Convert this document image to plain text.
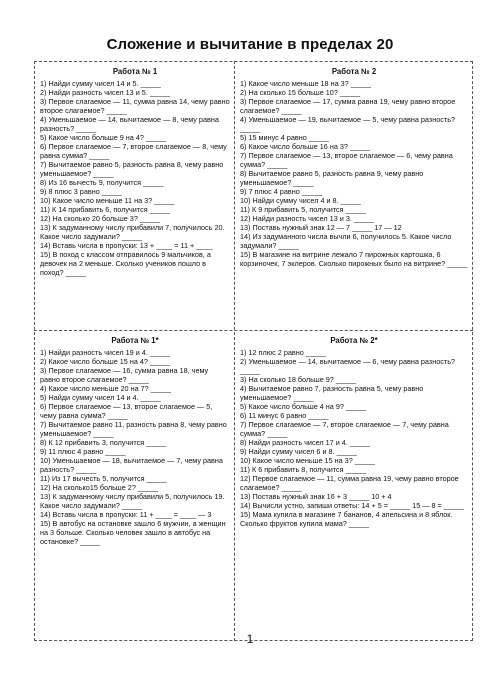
Сложение и вычитание в пределах 20
Работа № 1
1) Найди сумму чисел 14 и 5. _____
2) Найди разность чисел 13 и 5. _____
3) Первое слагаемое — 11, сумма равна 14, чему равно второе слагаемое? _____
4) Уменьшаемое — 14, вычитаемое — 8, чему равна разность? _____
5) Какое число больше 9 на 4? _____
6) Первое слагаемое — 7, второе слагаемое — 8, чему равна сумма? _____
7) Вычитаемое равно 5, разность равна 8, чему равно уменьшаемое? _____
8) Из 16 вычесть 9, получится _____
9) 8 плюс 3 равно _____
10) Какое число меньше 11 на 3? _____
11) К 14 прибавить 6, получится _____
12) На сколько 20 больше 3? _____
13) К задуманному числу прибавили 7, получилось 20. Какое число задумали? _____
14) Вставь числа в пропуски: 13 + ____ = 11 + ____
15) В поход с классом отправилось 9 мальчиков, а девочек на 2 меньше. Сколько учеников пошло в поход? _____
Работа № 2
1) Какое число меньше 18 на 3? _____
2) На сколько 15 больше 10? _____
3) Первое слагаемое — 17, сумма равна 19, чему равно второе слагаемое? _____
4) Уменьшаемое — 19, вычитаемое — 5, чему равна разность? _____
5) 15 минус 4 равно _____
6) Какое число больше 16 на 3? _____
7) Первое слагаемое — 13, второе слагаемое — 6, чему равна сумма? _____
8) Вычитаемое равно 5, разность равна 9, чему равно уменьшаемое? _____
9) 7 плюс 4 равно _____
10) Найди сумму чисел 4 и 8. _____
11) К 9 прибавить 5, получится _____
12) Найди разность чисел 13 и 3. _____
13) Поставь нужный знак 12 — 7 _____ 17 — 12
14) Из задуманного числа вычли 6, получилось 5. Какое число задумали? _____
15) В магазине на витрине лежало 7 пирожных картошка, 6 корзиночек, 7 эклеров. Сколько пирожных было на витрине? _____
Работа № 1*
1) Найди разность чисел 19 и 4. _____
2) Какое число больше 15 на 4? _____
3) Первое слагаемое — 16, сумма равна 18, чему равно второе слагаемое? _____
4) Какое число меньше 20 на 7? _____
5) Найди сумму чисел 14 и 4. _____
6) Первое слагаемое — 13, второе слагаемое — 5, чему равна сумма? _____
7) Вычитаемое равно 11, разность равна 8, чему равно уменьшаемое? _____
8) К 12 прибавить 3, получится _____
9) 11 плюс 4 равно _____
10) Уменьшаемое — 18, вычитаемое — 7, чему равна разность? _____
11) Из 17 вычесть 5, получится _____
12) На сколько15 больше 2? _____
13) К задуманному числу прибавили 5, получилось 19. Какое число задумали? _____
14) Вставь числа в пропуски: 11 + ____ = ____ — 3
15) В автобус на остановке зашло 6 мужчин, а женщин на 3 больше. Сколько человек зашло в автобус на остановке? _____
Работа № 2*
1) 12 плюс 2 равно _____
2) Уменьшаемое — 14, вычитаемое — 6, чему равна разность? _____
3) На сколько 18 больше 9? _____
4) Вычитаемое равно 7, разность равна 5, чему равно уменьшаемое? _____
5) Какое число больше 4 на 9? _____
6) 11 минус 6 равно _____
7) Первое слагаемое — 7, второе слагаемое — 7, чему равна сумма? _____
8) Найди разность чисел 17 и 4. _____
9) Найди сумму чисел 6 и 8. _____
10) Какое число меньше 15 на 3? _____
11) К 6 прибавить 8, получится _____
12) Первое слагаемое — 11, сумма равна 19, чему равно второе слагаемое? _____
13) Поставь нужный знак 16 + 3 _____ 10 + 4
14) Вычисли устно, запиши ответы: 14 + 5 = _____ 15 — 8 = _____
15) Мама купила в магазине 7 бананов, 4 апельсина и 8 яблок. Сколько фруктов купила мама? _____
1
